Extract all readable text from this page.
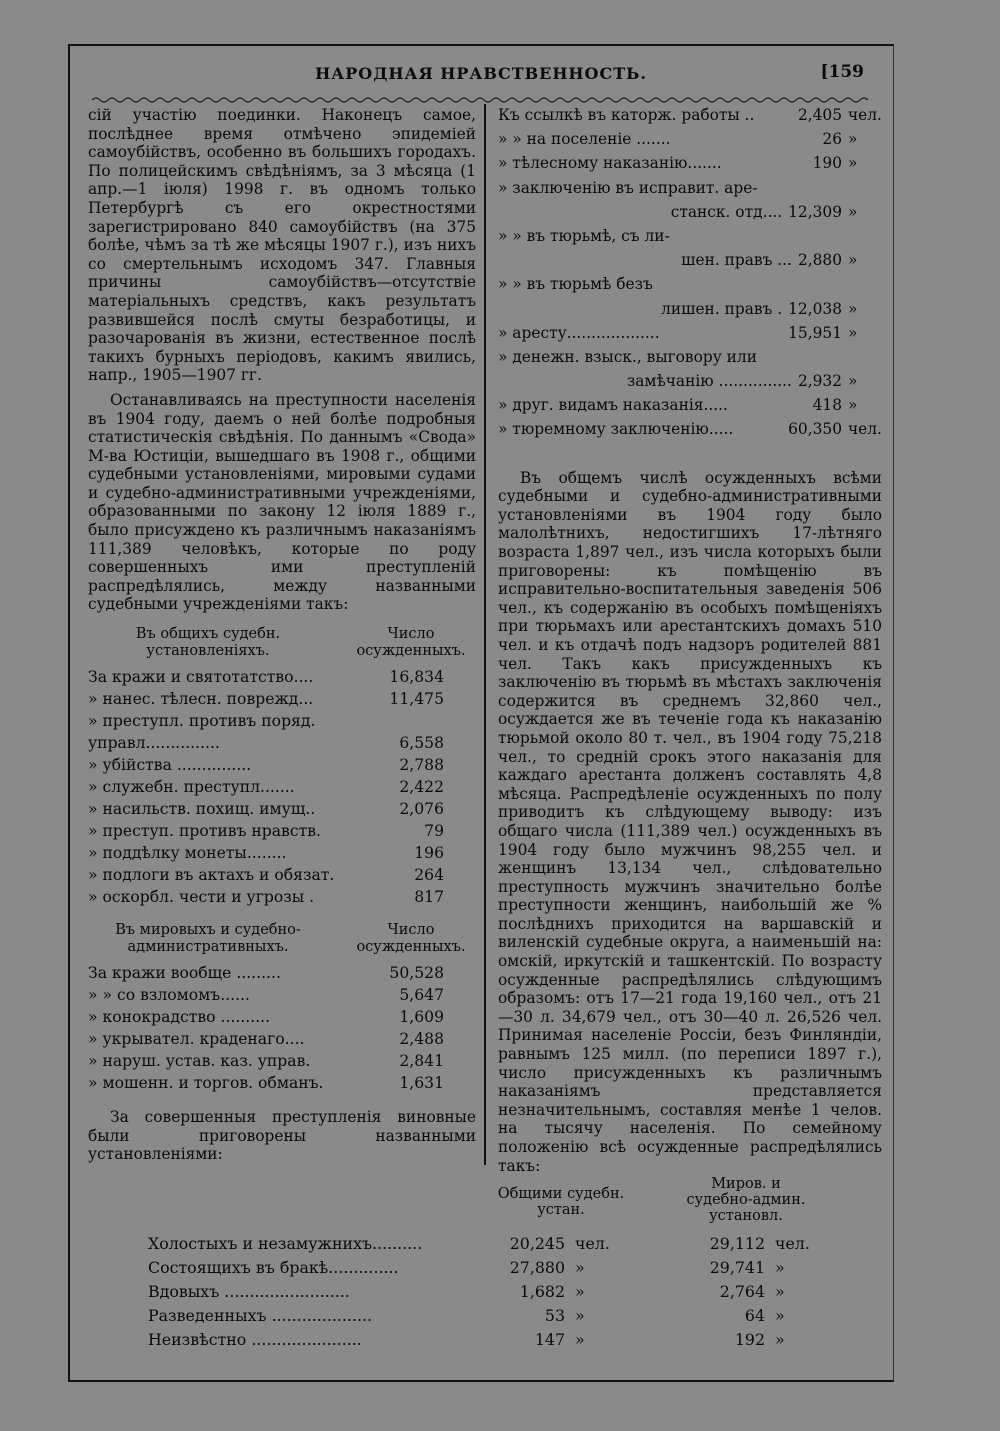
НАРОДНАЯ НРАВСТВЕННОСТЬ.	[159

сій участію поединки. Наконецъ самое, послѣднее время отмѣчено эпидеміей самоубійствъ, особенно въ большихъ городахъ. По полицейскимъ свѣдѣніямъ, за 3 мѣсяца (1 апр.—1 іюля) 1998 г. въ одномъ только Петербургѣ съ его окрестностями зарегистрировано 840 самоубійствъ (на 375 болѣе, чѣмъ за тѣ же мѣсяцы 1907 г.), изъ нихъ со смертельнымъ исходомъ 347. Главныя причины самоубійствъ—отсутствіе матеріальныхъ средствъ, какъ результатъ развившейся послѣ смуты безработицы, и разочарованія въ жизни, естественное послѣ такихъ бурныхъ періодовъ, какимъ явились, напр., 1905—1907 гг.

Останавливаясь на преступности населенія въ 1904 году, даемъ о ней болѣе подробныя статистическія свѣдѣнія. По даннымъ «Свода» М-ва Юстиціи, вышедшаго въ 1908 г., общими судебными установленіями, мировыми судами и судебно-административными учрежденіями, образованными по закону 12 іюля 1889 г., было присуждено къ различнымъ наказаніямъ 111,389 человѣкъ, которые по роду совершенныхъ ими преступленій распредѣлялись, между названными судебными учрежденіями такъ:

Въ общихъ судебн. установленіяхъ.
Число осужденныхъ.
За кражи и святотатство....	16,834
» нанес. тѣлесн. поврежд...	11,475
» преступл. противъ поряд.
управл...............	6,558
» убійства ...............	2,788
» служебн. преступл.......	2,422
» насильств. похищ. имущ..	2,076
» преступ. противъ нравств.	79
» поддѣлку монеты........	196
» подлоги въ актахъ и обязат.	264
» оскорбл. чести и угрозы .	817
Въ мировыхъ и судебно-административныхъ.
Число осужденныхъ.
За кражи вообще .........	50,528
» » со взломомъ......	5,647
» конокрадство ..........	1,609
» укрывател. краденаго....	2,488
» наруш. устав. каз. управ.	2,841
» мошенн. и торгов. обманъ.	1,631

За совершенныя преступленія виновные были приговорены названными установленіями:

Къ ссылкѣ въ каторж. работы ..	2,405 чел.
» » на поселеніе .......	26 »
» тѣлесному наказанію.......	190 »
» заключенію въ исправит. аре-
станск. отд.... 12,309 »
» » въ тюрьмѣ, съ ли-
шен. правъ ... 2,880 »
» » въ тюрьмѣ безъ
лишен. правъ . 12,038 »
» аресту...................	15,951 »
» денежн. взыск., выговору или
замѣчанію ............... 2,932 »
» друг. видамъ наказанія.....	418 »
» тюремному заключенію.....	60,350 чел.

Въ общемъ числѣ осужденныхъ всѣми судебными и судебно-административными установленіями въ 1904 году было малолѣтнихъ, недостигшихъ 17-лѣтняго возраста 1,897 чел., изъ числа которыхъ были приговорены: къ помѣщенію въ исправительно-воспитательныя заведенія 506 чел., къ содержанію въ особыхъ помѣщеніяхъ при тюрьмахъ или арестантскихъ домахъ 510 чел. и къ отдачѣ подъ надзоръ родителей 881 чел. Такъ какъ присужденныхъ къ заключенію въ тюрьмѣ въ мѣстахъ заключенія содержится въ среднемъ 32,860 чел., осуждается же въ теченіе года къ наказанію тюрьмой около 80 т. чел., въ 1904 году 75,218 чел., то средній срокъ этого наказанія для каждаго арестанта долженъ составлять 4,8 мѣсяца. Распредѣленіе осужденныхъ по полу приводитъ къ слѣдующему выводу: изъ общаго числа (111,389 чел.) осужденныхъ въ 1904 году было мужчинъ 98,255 чел. и женщинъ 13,134 чел., слѣдовательно преступность мужчинъ значительно болѣе преступности женщинъ, наибольшій же % послѣднихъ приходится на варшавскій и виленскій судебные округа, а наименьшій на: омскій, иркутскій и ташкентскій. По возрасту осужденные распредѣлялись слѣдующимъ образомъ: отъ 17—21 года 19,160 чел., отъ 21—30 л. 34,679 чел., отъ 30—40 л. 26,526 чел. Принимая населеніе Россіи, безъ Финляндіи, равнымъ 125 милл. (по переписи 1897 г.), число присужденныхъ къ различнымъ наказаніямъ представляется незначительнымъ, составляя менѣе 1 челов. на тысячу населенія. По семейному положенію всѣ осужденные распредѣлялись такъ:

Общими судебн. устан.
Миров. и судебно-админ. установл.
Холостыхъ и незамужнихъ..........	20,245 чел.	29,112 чел.
Состоящихъ въ бракѣ..............	27,880 »	29,741 »
Вдовыхъ .........................	1,682 »	2,764 »
Разведенныхъ ....................	53 »	64 »
Неизвѣстно ......................	147 »	192 »
